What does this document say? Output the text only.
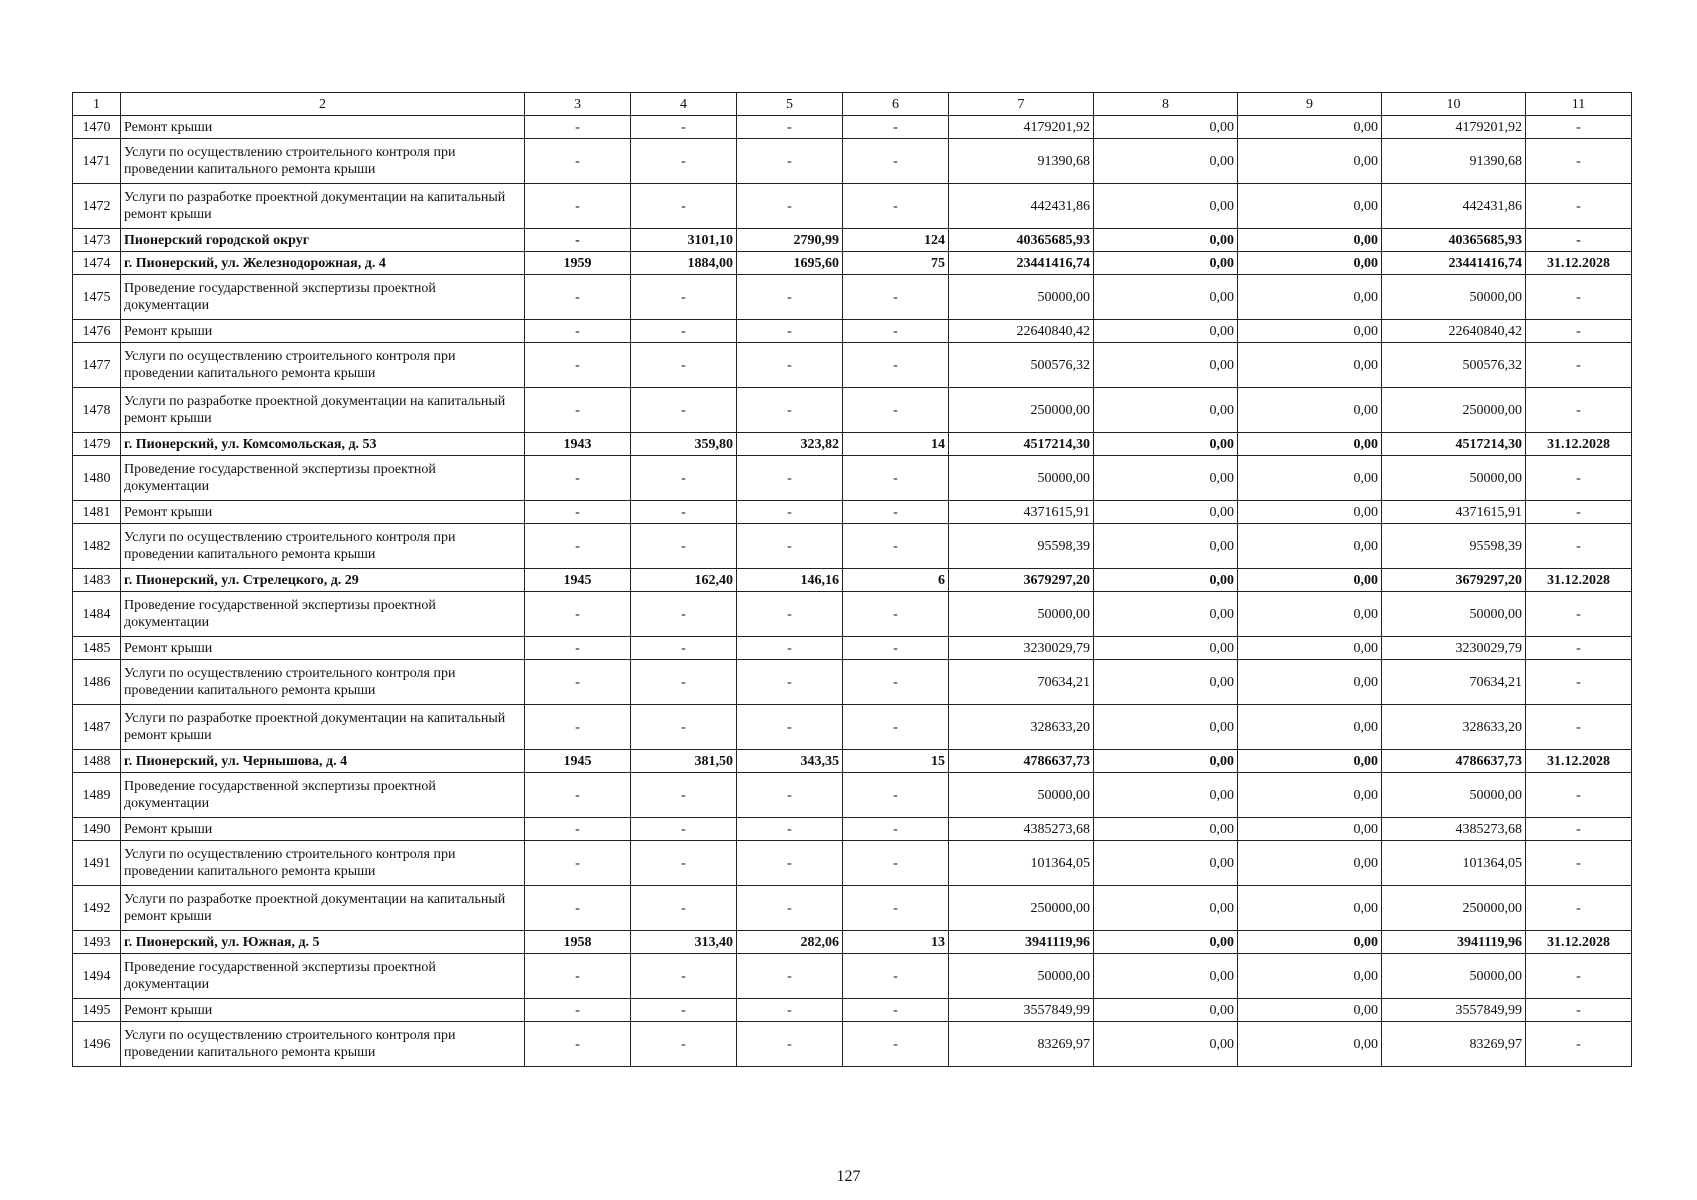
1	2	3	4	5	6	7	8	9	10	11
1470	Ремонт крыши	-	-	-	-	4179201,92	0,00	0,00	4179201,92	-
1471	Услуги по осуществлению строительного контроля при проведении капитального ремонта крыши	-	-	-	-	91390,68	0,00	0,00	91390,68	-
1472	Услуги по разработке проектной документации на капитальный ремонт крыши	-	-	-	-	442431,86	0,00	0,00	442431,86	-
1473	Пионерский городской округ	-	3101,10	2790,99	124	40365685,93	0,00	0,00	40365685,93	-
1474	г. Пионерский, ул. Железнодорожная, д. 4	1959	1884,00	1695,60	75	23441416,74	0,00	0,00	23441416,74	31.12.2028
1475	Проведение государственной экспертизы проектной документации	-	-	-	-	50000,00	0,00	0,00	50000,00	-
1476	Ремонт крыши	-	-	-	-	22640840,42	0,00	0,00	22640840,42	-
1477	Услуги по осуществлению строительного контроля при проведении капитального ремонта крыши	-	-	-	-	500576,32	0,00	0,00	500576,32	-
1478	Услуги по разработке проектной документации на капитальный ремонт крыши	-	-	-	-	250000,00	0,00	0,00	250000,00	-
1479	г. Пионерский, ул. Комсомольская, д. 53	1943	359,80	323,82	14	4517214,30	0,00	0,00	4517214,30	31.12.2028
1480	Проведение государственной экспертизы проектной документации	-	-	-	-	50000,00	0,00	0,00	50000,00	-
1481	Ремонт крыши	-	-	-	-	4371615,91	0,00	0,00	4371615,91	-
1482	Услуги по осуществлению строительного контроля при проведении капитального ремонта крыши	-	-	-	-	95598,39	0,00	0,00	95598,39	-
1483	г. Пионерский, ул. Стрелецкого, д. 29	1945	162,40	146,16	6	3679297,20	0,00	0,00	3679297,20	31.12.2028
1484	Проведение государственной экспертизы проектной документации	-	-	-	-	50000,00	0,00	0,00	50000,00	-
1485	Ремонт крыши	-	-	-	-	3230029,79	0,00	0,00	3230029,79	-
1486	Услуги по осуществлению строительного контроля при проведении капитального ремонта крыши	-	-	-	-	70634,21	0,00	0,00	70634,21	-
1487	Услуги по разработке проектной документации на капитальный ремонт крыши	-	-	-	-	328633,20	0,00	0,00	328633,20	-
1488	г. Пионерский, ул. Чернышова, д. 4	1945	381,50	343,35	15	4786637,73	0,00	0,00	4786637,73	31.12.2028
1489	Проведение государственной экспертизы проектной документации	-	-	-	-	50000,00	0,00	0,00	50000,00	-
1490	Ремонт крыши	-	-	-	-	4385273,68	0,00	0,00	4385273,68	-
1491	Услуги по осуществлению строительного контроля при проведении капитального ремонта крыши	-	-	-	-	101364,05	0,00	0,00	101364,05	-
1492	Услуги по разработке проектной документации на капитальный ремонт крыши	-	-	-	-	250000,00	0,00	0,00	250000,00	-
1493	г. Пионерский, ул. Южная, д. 5	1958	313,40	282,06	13	3941119,96	0,00	0,00	3941119,96	31.12.2028
1494	Проведение государственной экспертизы проектной документации	-	-	-	-	50000,00	0,00	0,00	50000,00	-
1495	Ремонт крыши	-	-	-	-	3557849,99	0,00	0,00	3557849,99	-
1496	Услуги по осуществлению строительного контроля при проведении капитального ремонта крыши	-	-	-	-	83269,97	0,00	0,00	83269,97	-
127
